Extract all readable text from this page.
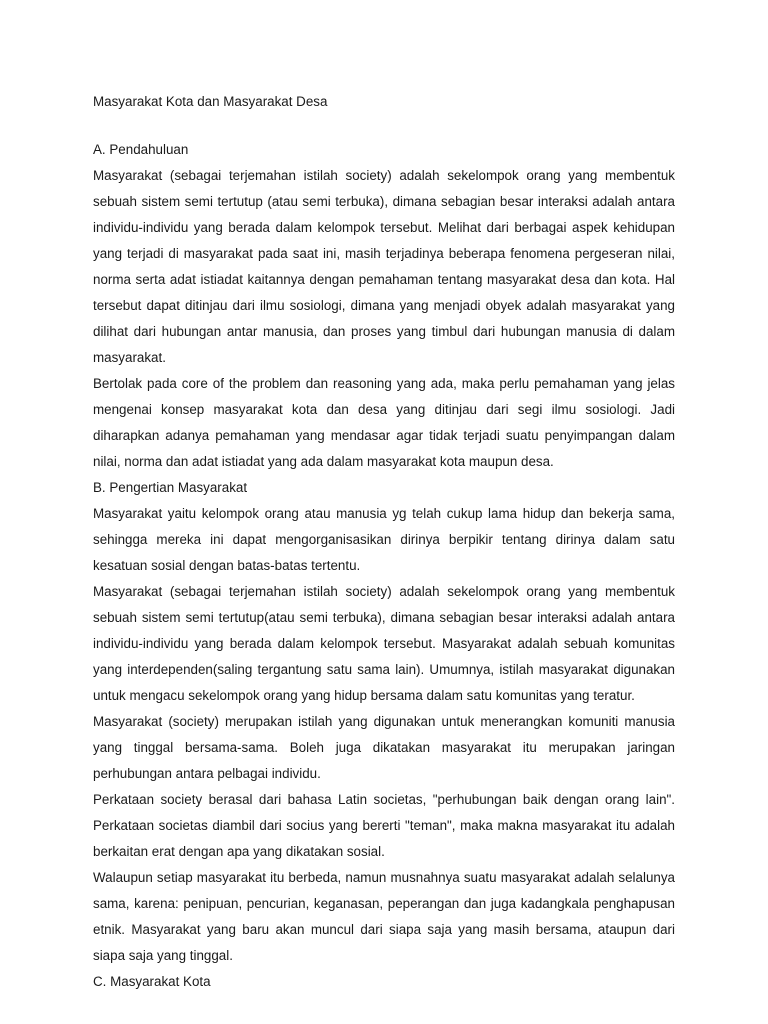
Masyarakat Kota dan Masyarakat Desa
A. Pendahuluan

Masyarakat (sebagai terjemahan istilah society) adalah sekelompok orang yang membentuk sebuah sistem semi tertutup (atau semi terbuka), dimana sebagian besar interaksi adalah antara individu-individu yang berada dalam kelompok tersebut. Melihat dari berbagai aspek kehidupan yang terjadi di masyarakat pada saat ini, masih terjadinya beberapa fenomena pergeseran nilai, norma serta adat istiadat kaitannya dengan pemahaman tentang masyarakat desa dan kota. Hal tersebut dapat ditinjau dari ilmu sosiologi, dimana yang menjadi obyek adalah masyarakat yang dilihat dari hubungan antar manusia, dan proses yang timbul dari hubungan manusia di dalam masyarakat.

Bertolak pada core of the problem dan reasoning yang ada, maka perlu pemahaman yang jelas mengenai konsep masyarakat kota dan desa yang ditinjau dari segi ilmu sosiologi. Jadi diharapkan adanya pemahaman yang mendasar agar tidak terjadi suatu penyimpangan dalam nilai, norma dan adat istiadat yang ada dalam masyarakat kota maupun desa.

B. Pengertian Masyarakat

Masyarakat yaitu kelompok orang atau manusia yg telah cukup lama hidup dan bekerja sama, sehingga mereka ini dapat mengorganisasikan dirinya berpikir tentang dirinya dalam satu kesatuan sosial dengan batas-batas tertentu.

Masyarakat (sebagai terjemahan istilah society) adalah sekelompok orang yang membentuk sebuah sistem semi tertutup(atau semi terbuka), dimana sebagian besar interaksi adalah antara individu-individu yang berada dalam kelompok tersebut. Masyarakat adalah sebuah komunitas yang interdependen(saling tergantung satu sama lain). Umumnya, istilah masyarakat digunakan untuk mengacu sekelompok orang yang hidup bersama dalam satu komunitas yang teratur.

Masyarakat (society) merupakan istilah yang digunakan untuk menerangkan komuniti manusia yang tinggal bersama-sama. Boleh juga dikatakan masyarakat itu merupakan jaringan perhubungan antara pelbagai individu.

Perkataan society berasal dari bahasa Latin societas, "perhubungan baik dengan orang lain". Perkataan societas diambil dari socius yang bererti "teman", maka makna masyarakat itu adalah berkaitan erat dengan apa yang dikatakan sosial.

Walaupun setiap masyarakat itu berbeda, namun musnahnya suatu masyarakat adalah selalunya sama, karena: penipuan, pencurian, keganasan, peperangan dan juga kadangkala penghapusan etnik. Masyarakat yang baru akan muncul dari siapa saja yang masih bersama, ataupun dari siapa saja yang tinggal.

C. Masyarakat Kota
